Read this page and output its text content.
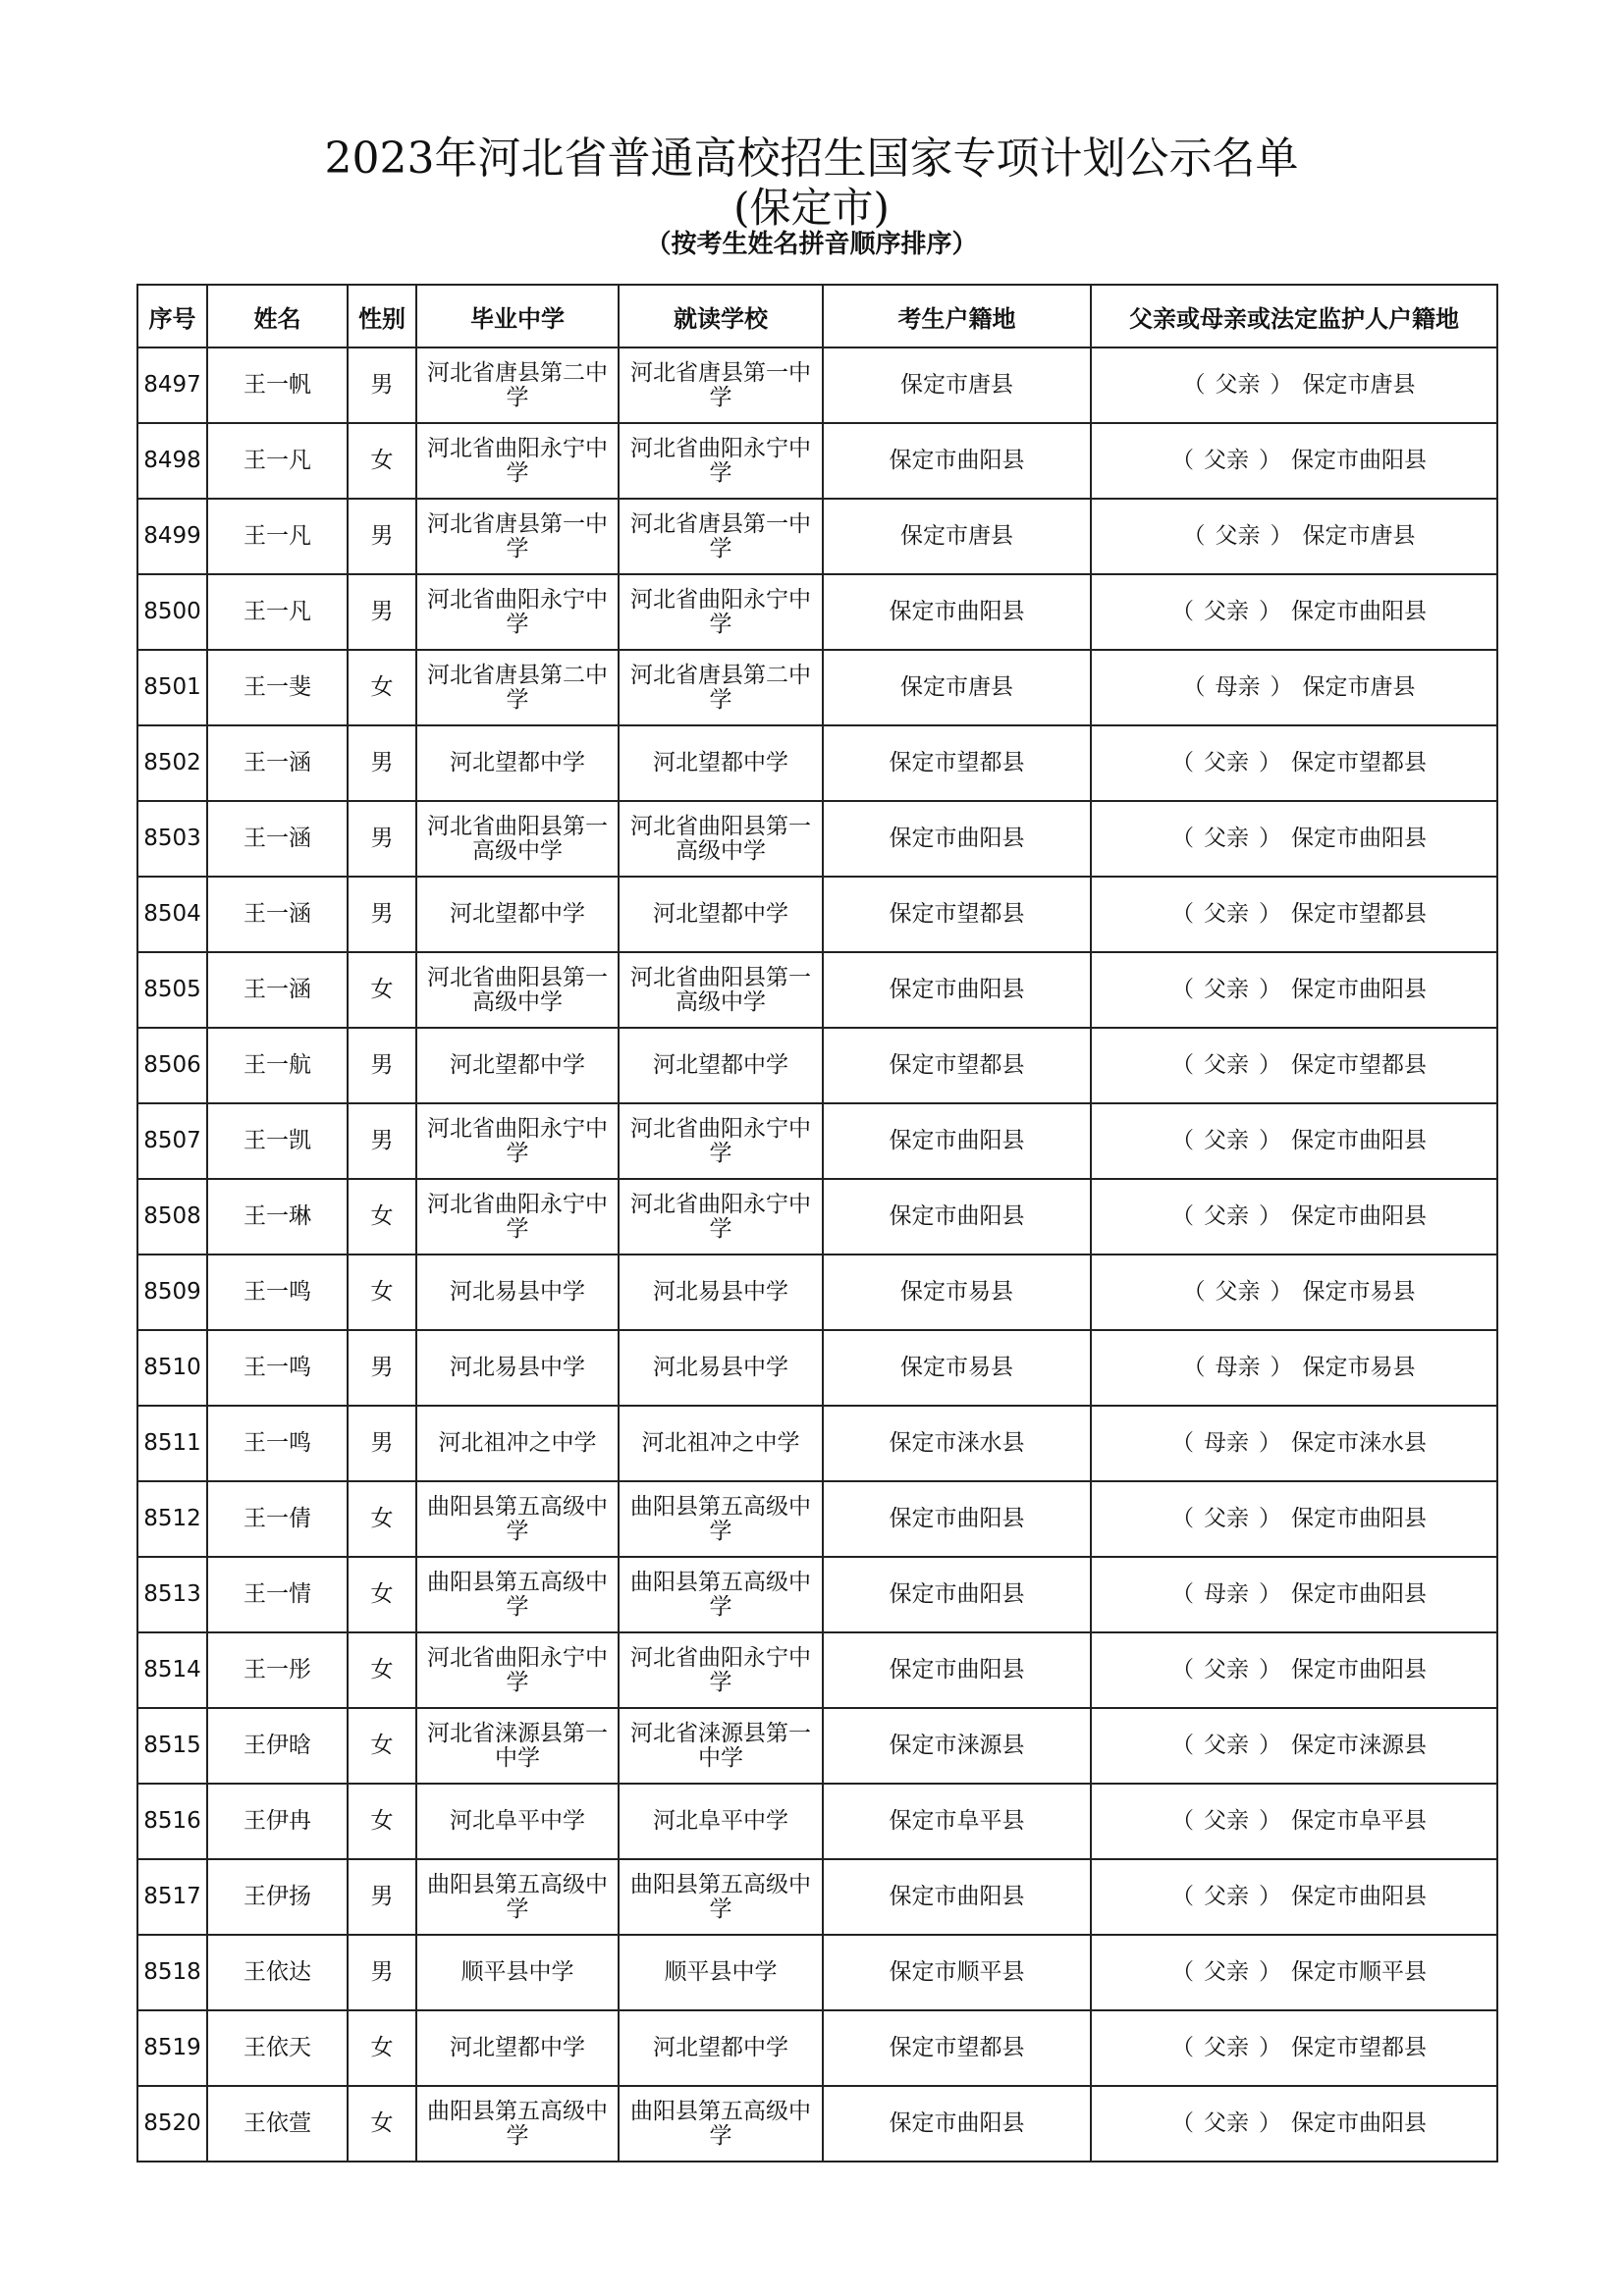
2023年河北省普通高校招生国家专项计划公示名单
(保定市)
（按考生姓名拼音顺序排序）
序号	姓名	性别	毕业中学	就读学校	考生户籍地	父亲或母亲或法定监护人户籍地
8497	王一帆	男	河北省唐县第二中学	河北省唐县第一中学	保定市唐县	（ 父亲 ） 保定市唐县
8498	王一凡	女	河北省曲阳永宁中学	河北省曲阳永宁中学	保定市曲阳县	（ 父亲 ） 保定市曲阳县
8499	王一凡	男	河北省唐县第一中学	河北省唐县第一中学	保定市唐县	（ 父亲 ） 保定市唐县
8500	王一凡	男	河北省曲阳永宁中学	河北省曲阳永宁中学	保定市曲阳县	（ 父亲 ） 保定市曲阳县
8501	王一斐	女	河北省唐县第二中学	河北省唐县第二中学	保定市唐县	（ 母亲 ） 保定市唐县
8502	王一涵	男	河北望都中学	河北望都中学	保定市望都县	（ 父亲 ） 保定市望都县
8503	王一涵	男	河北省曲阳县第一高级中学	河北省曲阳县第一高级中学	保定市曲阳县	（ 父亲 ） 保定市曲阳县
8504	王一涵	男	河北望都中学	河北望都中学	保定市望都县	（ 父亲 ） 保定市望都县
8505	王一涵	女	河北省曲阳县第一高级中学	河北省曲阳县第一高级中学	保定市曲阳县	（ 父亲 ） 保定市曲阳县
8506	王一航	男	河北望都中学	河北望都中学	保定市望都县	（ 父亲 ） 保定市望都县
8507	王一凯	男	河北省曲阳永宁中学	河北省曲阳永宁中学	保定市曲阳县	（ 父亲 ） 保定市曲阳县
8508	王一琳	女	河北省曲阳永宁中学	河北省曲阳永宁中学	保定市曲阳县	（ 父亲 ） 保定市曲阳县
8509	王一鸣	女	河北易县中学	河北易县中学	保定市易县	（ 父亲 ） 保定市易县
8510	王一鸣	男	河北易县中学	河北易县中学	保定市易县	（ 母亲 ） 保定市易县
8511	王一鸣	男	河北祖冲之中学	河北祖冲之中学	保定市涞水县	（ 母亲 ） 保定市涞水县
8512	王一倩	女	曲阳县第五高级中学	曲阳县第五高级中学	保定市曲阳县	（ 父亲 ） 保定市曲阳县
8513	王一情	女	曲阳县第五高级中学	曲阳县第五高级中学	保定市曲阳县	（ 母亲 ） 保定市曲阳县
8514	王一彤	女	河北省曲阳永宁中学	河北省曲阳永宁中学	保定市曲阳县	（ 父亲 ） 保定市曲阳县
8515	王伊晗	女	河北省涞源县第一中学	河北省涞源县第一中学	保定市涞源县	（ 父亲 ） 保定市涞源县
8516	王伊冉	女	河北阜平中学	河北阜平中学	保定市阜平县	（ 父亲 ） 保定市阜平县
8517	王伊扬	男	曲阳县第五高级中学	曲阳县第五高级中学	保定市曲阳县	（ 父亲 ） 保定市曲阳县
8518	王依达	男	顺平县中学	顺平县中学	保定市顺平县	（ 父亲 ） 保定市顺平县
8519	王依天	女	河北望都中学	河北望都中学	保定市望都县	（ 父亲 ） 保定市望都县
8520	王依萱	女	曲阳县第五高级中学	曲阳县第五高级中学	保定市曲阳县	（ 父亲 ） 保定市曲阳县
